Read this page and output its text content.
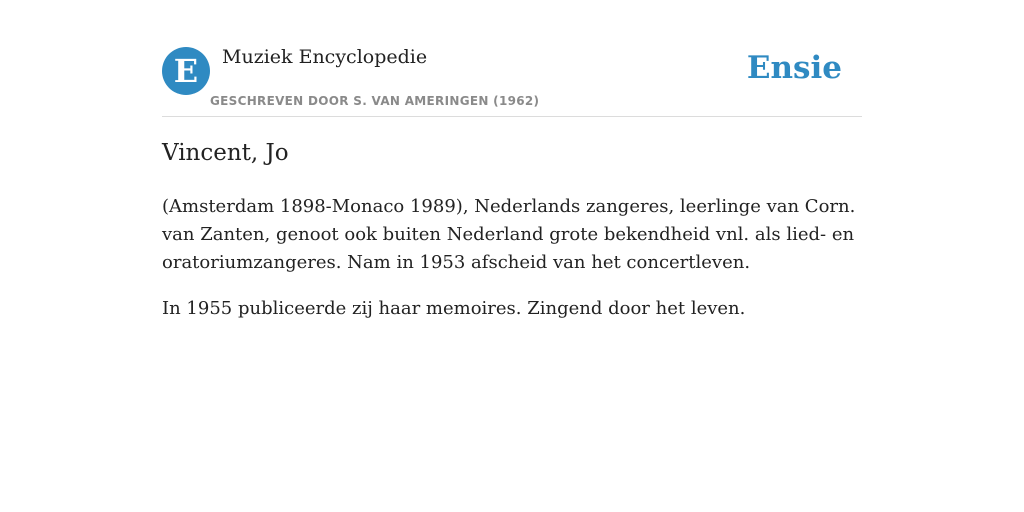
E	Muziek Encyclopedie
GESCHREVEN DOOR S. VAN AMERINGEN (1962)
Ensie
Vincent, Jo

(Amsterdam 1898-Monaco 1989), Nederlands zangeres, leerlinge van Corn. van Zanten, genoot ook buiten Nederland grote bekendheid vnl. als lied- en oratoriumzangeres. Nam in 1953 afscheid van het concertleven.

In 1955 publiceerde zij haar memoires. Zingend door het leven.
